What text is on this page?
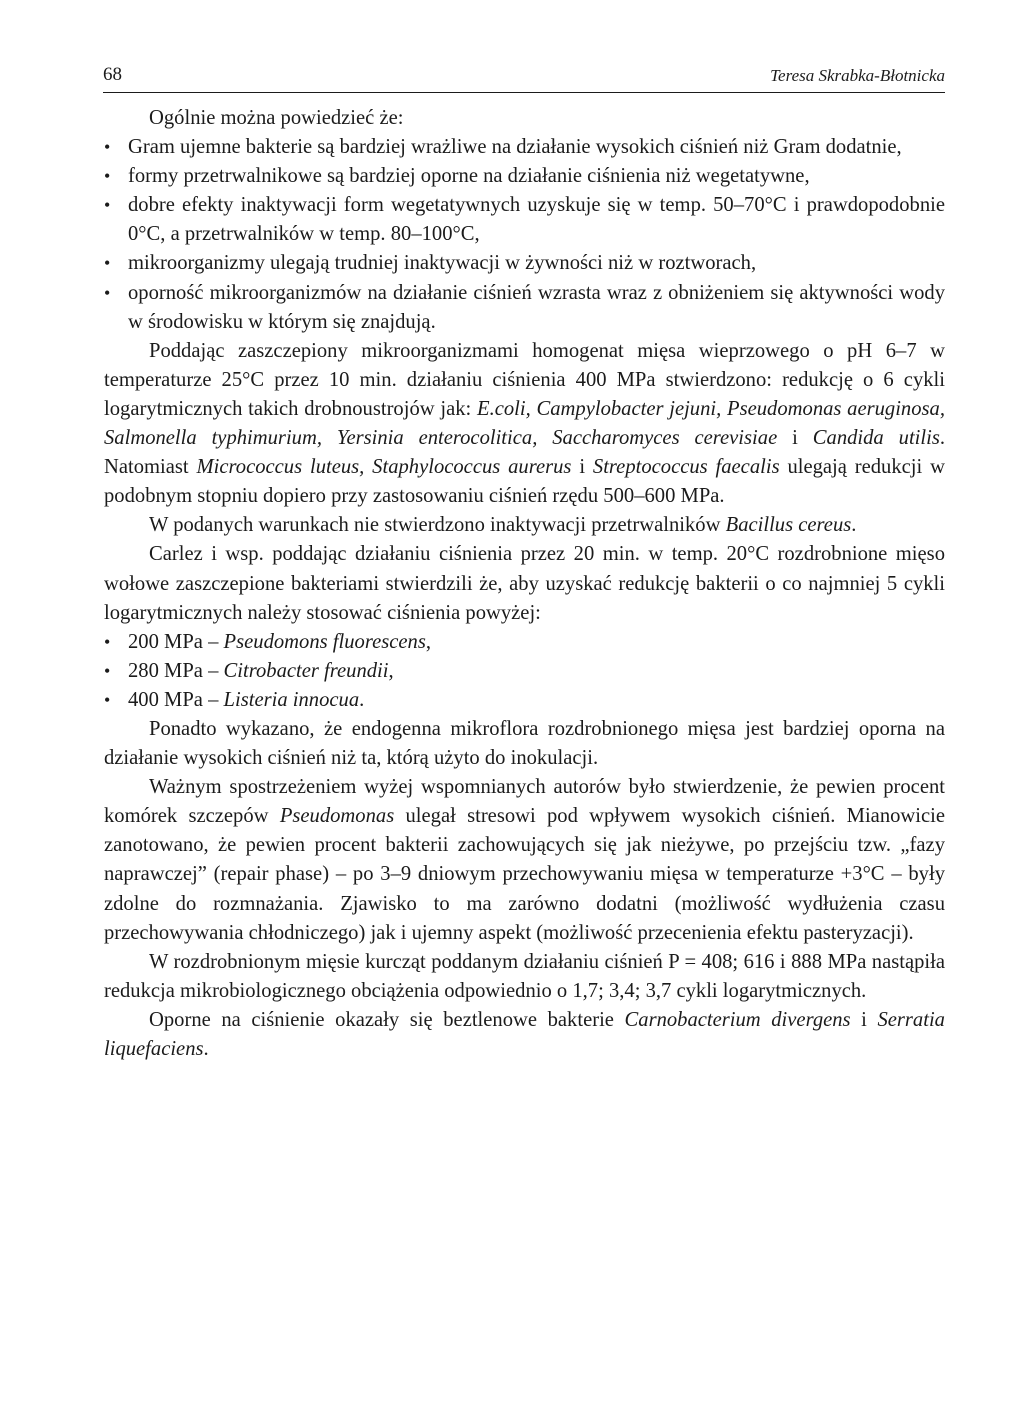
68	Teresa Skrabka-Błotnicka

Ogólnie można powiedzieć że:

• Gram ujemne bakterie są bardziej wrażliwe na działanie wysokich ciśnień niż Gram dodatnie,
• formy przetrwalnikowe są bardziej oporne na działanie ciśnienia niż wegetatywne,
• dobre efekty inaktywacji form wegetatywnych uzyskuje się w temp. 50–70°C i prawdopodobnie 0°C, a przetrwalników w temp. 80–100°C,
• mikroorganizmy ulegają trudniej inaktywacji w żywności niż w roztworach,
• oporność mikroorganizmów na działanie ciśnień wzrasta wraz z obniżeniem się aktywności wody w środowisku w którym się znajdują.

Poddając zaszczepiony mikroorganizmami homogenat mięsa wieprzowego o pH 6–7 w temperaturze 25°C przez 10 min. działaniu ciśnienia 400 MPa stwierdzono: redukcję o 6 cykli logarytmicznych takich drobnoustrojów jak: E.coli, Campylobacter jejuni, Pseudomonas aeruginosa, Salmonella typhimurium, Yersinia enterocolitica, Saccharomyces cerevisiae i Candida utilis. Natomiast Micrococcus luteus, Staphylococcus aurerus i Streptococcus faecalis ulegają redukcji w podobnym stopniu dopiero przy zastosowaniu ciśnień rzędu 500–600 MPa.

W podanych warunkach nie stwierdzono inaktywacji przetrwalników Bacillus cereus.

Carlez i wsp. poddając działaniu ciśnienia przez 20 min. w temp. 20°C rozdrobnione mięso wołowe zaszczepione bakteriami stwierdzili że, aby uzyskać redukcję bakterii o co najmniej 5 cykli logarytmicznych należy stosować ciśnienia powyżej:

• 200 MPa – Pseudomons fluorescens,
• 280 MPa – Citrobacter freundii,
• 400 MPa – Listeria innocua.

Ponadto wykazano, że endogenna mikroflora rozdrobnionego mięsa jest bardziej oporna na działanie wysokich ciśnień niż ta, którą użyto do inokulacji.

Ważnym spostrzeżeniem wyżej wspomnianych autorów było stwierdzenie, że pewien procent komórek szczepów Pseudomonas ulegał stresowi pod wpływem wysokich ciśnień. Mianowicie zanotowano, że pewien procent bakterii zachowujących się jak nieżywe, po przejściu tzw. „fazy naprawczej” (repair phase) – po 3–9 dniowym przechowywaniu mięsa w temperaturze +3°C – były zdolne do rozmnażania. Zjawisko to ma zarówno dodatni (możliwość wydłużenia czasu przechowywania chłodniczego) jak i ujemny aspekt (możliwość przecenienia efektu pasteryzacji).

W rozdrobnionym mięsie kurcząt poddanym działaniu ciśnień P = 408; 616 i 888 MPa nastąpiła redukcja mikrobiologicznego obciążenia odpowiednio o 1,7; 3,4; 3,7 cykli logarytmicznych.

Oporne na ciśnienie okazały się beztlenowe bakterie Carnobacterium divergens i Serratia liquefaciens.
